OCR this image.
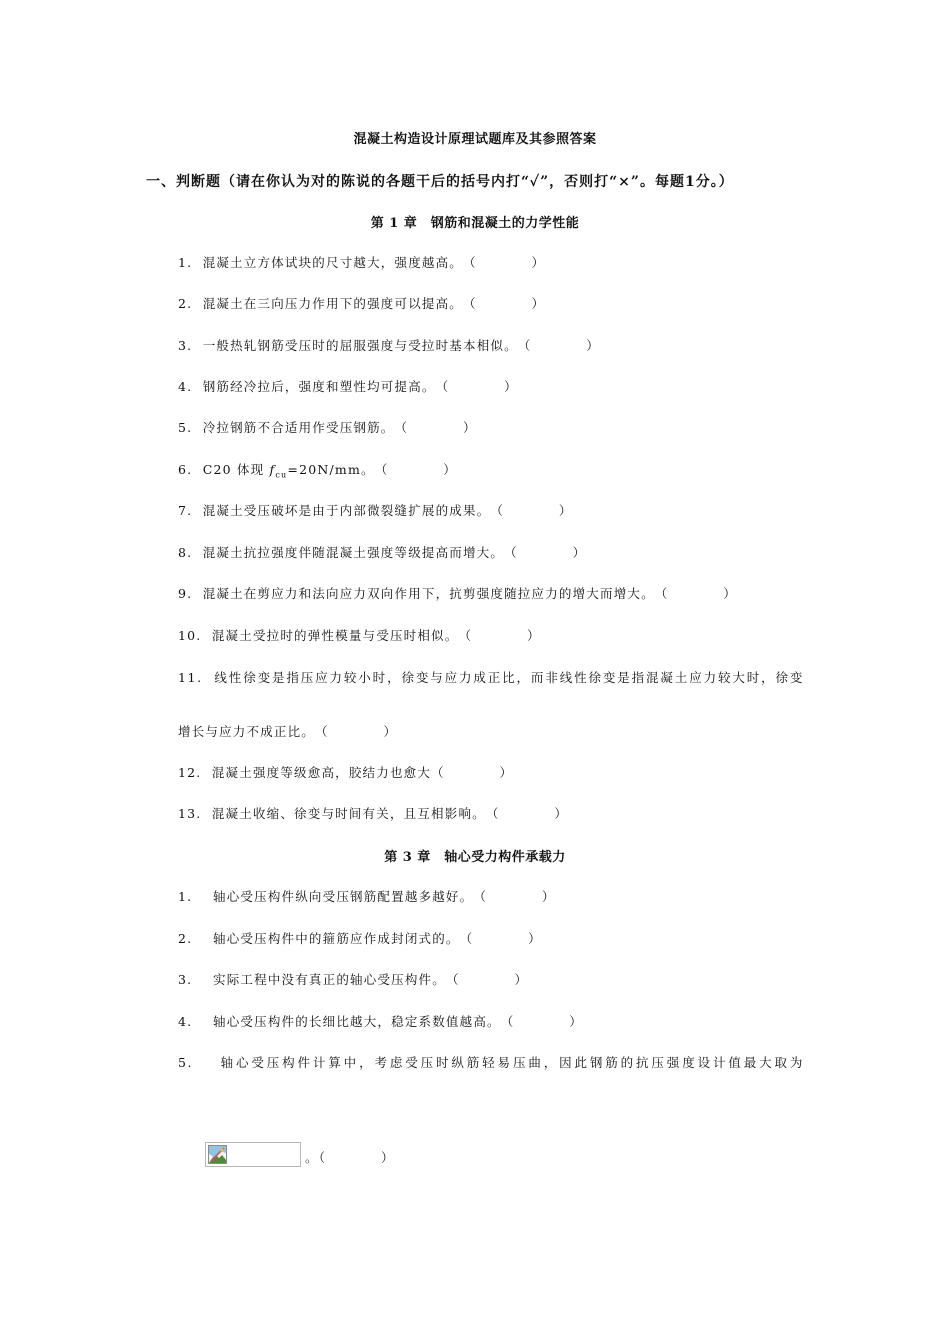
混凝土构造设计原理试题库及其参照答案
一、判断题（请在你认为对的陈说的各题干后的括号内打“✓”，否则打“×”。每题1分。）
第 1 章　钢筋和混凝土的力学性能
1. 混凝土立方体试块的尺寸越大，强度越高。（　　　　）
2. 混凝土在三向压力作用下的强度可以提高。（　　　　）
3. 一般热轧钢筋受压时的屈服强度与受拉时基本相似。（　　　　）
4. 钢筋经冷拉后，强度和塑性均可提高。（　　　　）
5. 冷拉钢筋不合适用作受压钢筋。（　　　　）
6. C20 体现 $f_{cu}=20N/mm$。（　　　　）
7. 混凝土受压破坏是由于内部微裂缝扩展的成果。（　　　　）
8. 混凝土抗拉强度伴随混凝土强度等级提高而增大。（　　　　）
9. 混凝土在剪应力和法向应力双向作用下，抗剪强度随拉应力的增大而增大。（　　　　）
10. 混凝土受拉时的弹性模量与受压时相似。（　　　　）
11. 线性徐变是指压应力较小时，徐变与应力成正比，而非线性徐变是指混凝土应力较大时，徐变
增长与应力不成正比。（　　　　）
12. 混凝土强度等级愈高，胶结力也愈大（　　　　）
13. 混凝土收缩、徐变与时间有关，且互相影响。（　　　　）
第 3 章　轴心受力构件承载力
1. 轴心受压构件纵向受压钢筋配置越多越好。（　　　　）
2. 轴心受压构件中的箍筋应作成封闭式的。（　　　　）
3. 实际工程中没有真正的轴心受压构件。（　　　　）
4. 轴心受压构件的长细比越大，稳定系数值越高。（　　　　）
5. 轴心受压构件计算中，考虑受压时纵筋轻易压曲，因此钢筋的抗压强度设计值最大取为
。（　　　　）
